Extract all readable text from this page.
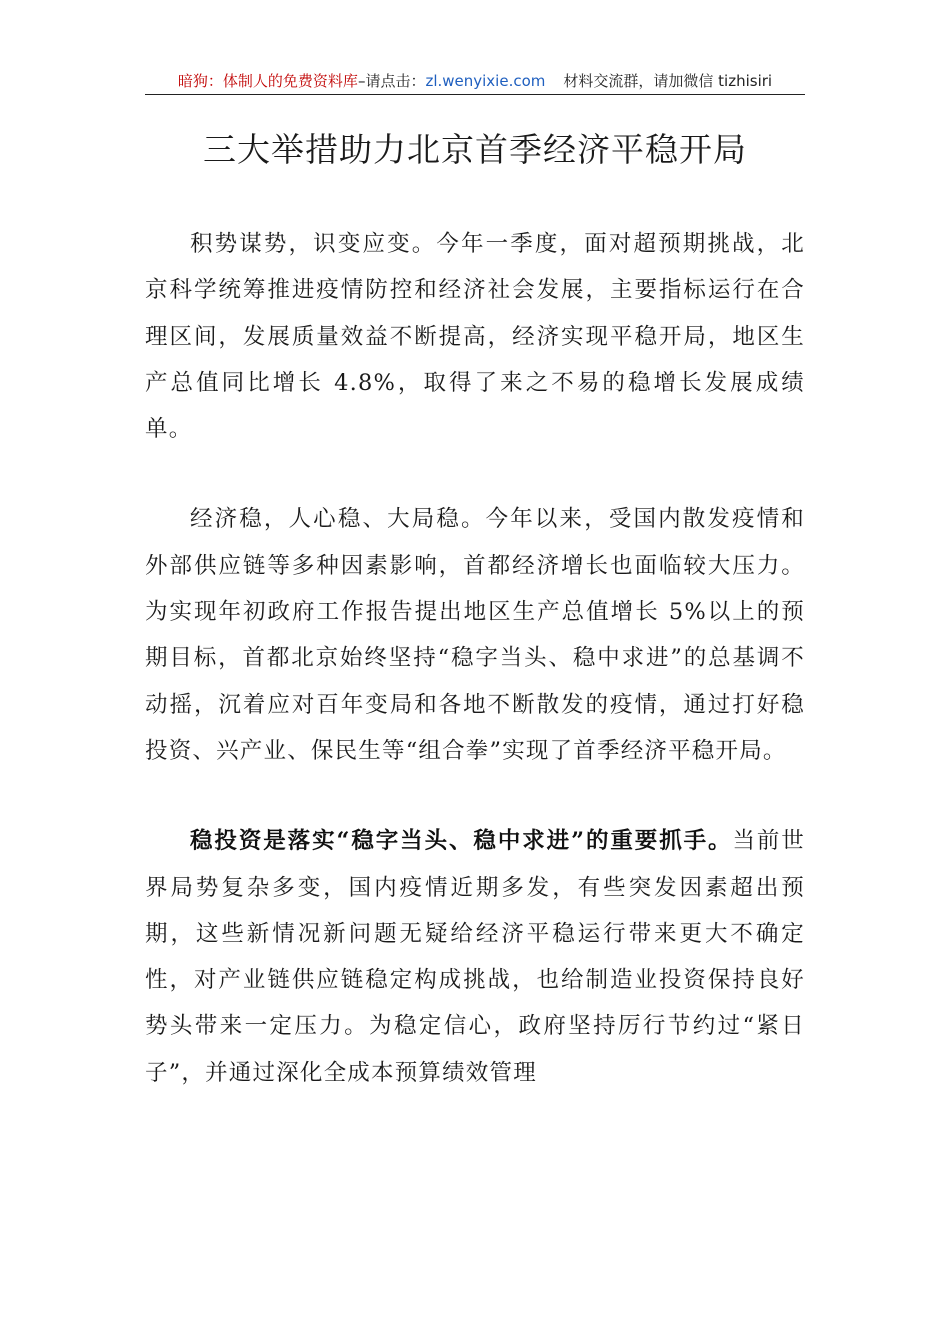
暗狗：体制人的免费资料库–请点击：zl.wenyixie.com 材料交流群，请加微信 tizhisiri
三大举措助力北京首季经济平稳开局

积势谋势，识变应变。今年一季度，面对超预期挑战，北京科学统筹推进疫情防控和经济社会发展，主要指标运行在合理区间，发展质量效益不断提高，经济实现平稳开局，地区生产总值同比增长 4.8%，取得了来之不易的稳增长发展成绩单。

经济稳，人心稳、大局稳。今年以来，受国内散发疫情和外部供应链等多种因素影响，首都经济增长也面临较大压力。为实现年初政府工作报告提出地区生产总值增长 5%以上的预期目标，首都北京始终坚持“稳字当头、稳中求进”的总基调不动摇，沉着应对百年变局和各地不断散发的疫情，通过打好稳投资、兴产业、保民生等“组合拳”实现了首季经济平稳开局。

稳投资是落实“稳字当头、稳中求进”的重要抓手。当前世界局势复杂多变，国内疫情近期多发，有些突发因素超出预期，这些新情况新问题无疑给经济平稳运行带来更大不确定性，对产业链供应链稳定构成挑战，也给制造业投资保持良好势头带来一定压力。为稳定信心，政府坚持厉行节约过“紧日子”，并通过深化全成本预算绩效管理
